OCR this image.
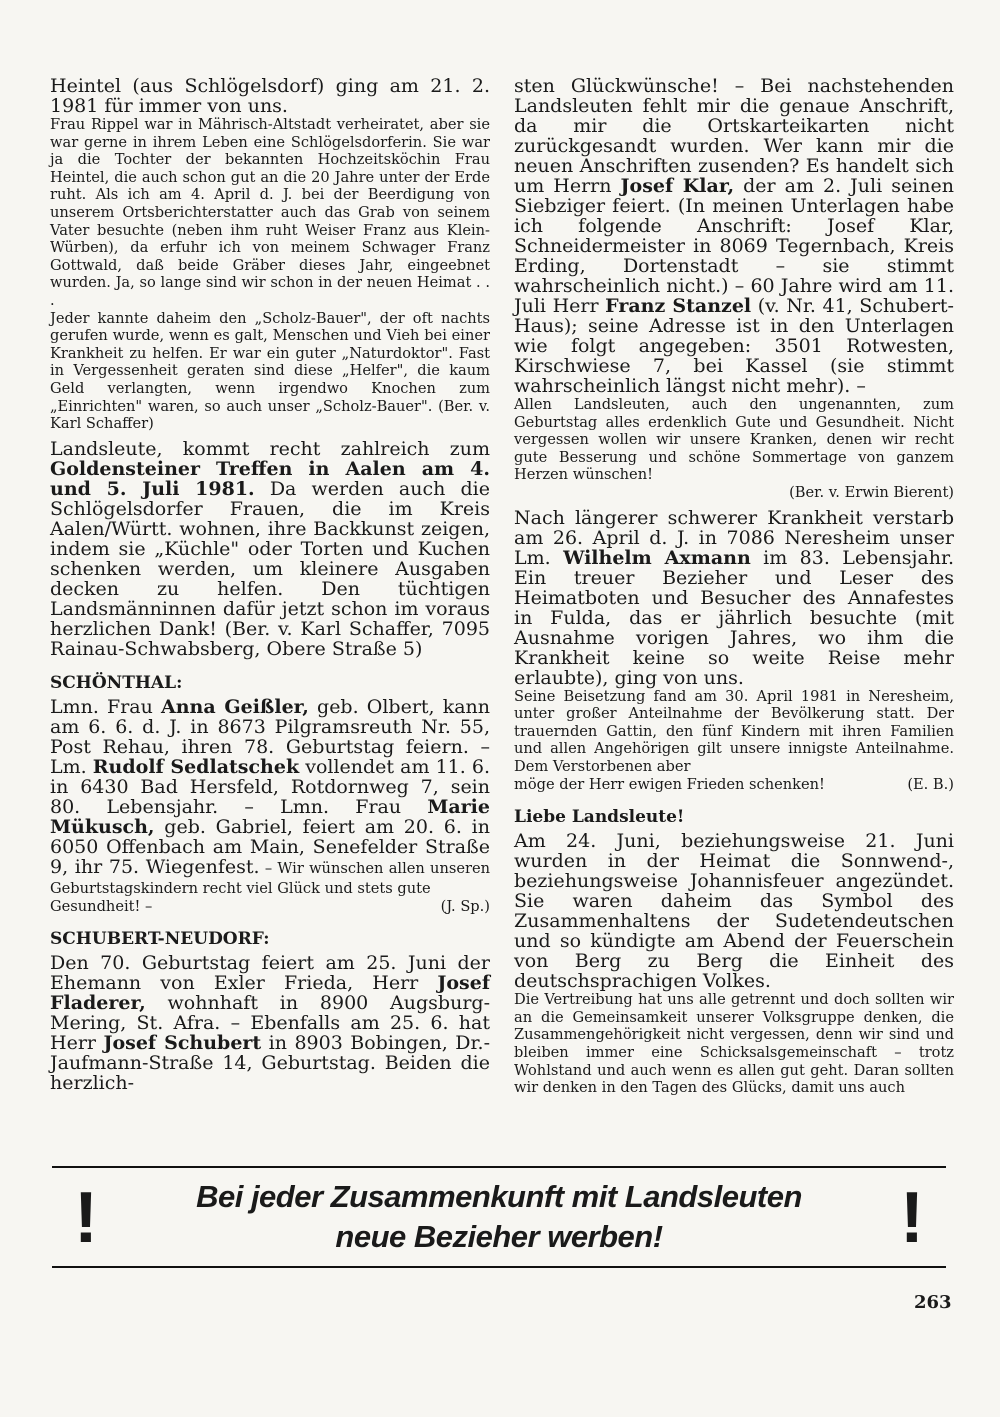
Heintel (aus Schlögelsdorf) ging am 21. 2. 1981 für immer von uns.

Frau Rippel war in Mährisch-Altstadt verheiratet, aber sie war gerne in ihrem Leben eine Schlögelsdorferin. Sie war ja die Tochter der bekannten Hochzeitsköchin Frau Heintel, die auch schon gut an die 20 Jahre unter der Erde ruht. Als ich am 4. April d. J. bei der Beerdigung von unserem Ortsberichterstatter auch das Grab von seinem Vater besuchte (neben ihm ruht Weiser Franz aus Klein-Würben), da erfuhr ich von meinem Schwager Franz Gottwald, daß beide Gräber dieses Jahr, eingeebnet wurden. Ja, so lange sind wir schon in der neuen Heimat . . .

Jeder kannte daheim den „Scholz-Bauer", der oft nachts gerufen wurde, wenn es galt, Menschen und Vieh bei einer Krankheit zu helfen. Er war ein guter „Naturdoktor". Fast in Vergessenheit geraten sind diese „Helfer", die kaum Geld verlangten, wenn irgendwo Knochen zum „Einrichten" waren, so auch unser „Scholz-Bauer". (Ber. v. Karl Schaffer)

Landsleute, kommt recht zahlreich zum Goldensteiner Treffen in Aalen am 4. und 5. Juli 1981. Da werden auch die Schlögelsdorfer Frauen, die im Kreis Aalen/Württ. wohnen, ihre Backkunst zeigen, indem sie „Küchle" oder Torten und Kuchen schenken werden, um kleinere Ausgaben decken zu helfen. Den tüchtigen Landsmänninnen dafür jetzt schon im voraus herzlichen Dank! (Ber. v. Karl Schaffer, 7095 Rainau-Schwabsberg, Obere Straße 5)

SCHÖNTHAL:

Lmn. Frau Anna Geißler, geb. Olbert, kann am 6. 6. d. J. in 8673 Pilgramsreuth Nr. 55, Post Rehau, ihren 78. Geburtstag feiern. – Lm. Rudolf Sedlatschek vollendet am 11. 6. in 6430 Bad Hersfeld, Rotdornweg 7, sein 80. Lebensjahr. – Lmn. Frau Marie Mükusch, geb. Gabriel, feiert am 20. 6. in 6050 Offenbach am Main, Senefelder Straße 9, ihr 75. Wiegenfest. – Wir wünschen allen unseren Geburtstagskindern recht viel Glück und stets gute

Gesundheit! –	(J. Sp.)

SCHUBERT-NEUDORF:

Den 70. Geburtstag feiert am 25. Juni der Ehemann von Exler Frieda, Herr Josef Fladerer, wohnhaft in 8900 Augsburg-Mering, St. Afra. – Ebenfalls am 25. 6. hat Herr Josef Schubert in 8903 Bobingen, Dr.-Jaufmann-Straße 14, Geburtstag. Beiden die herzlich-

sten Glückwünsche! – Bei nachstehenden Landsleuten fehlt mir die genaue Anschrift, da mir die Ortskarteikarten nicht zurückgesandt wurden. Wer kann mir die neuen Anschriften zusenden? Es handelt sich um Herrn Josef Klar, der am 2. Juli seinen Siebziger feiert. (In meinen Unterlagen habe ich folgende Anschrift: Josef Klar, Schneidermeister in 8069 Tegernbach, Kreis Erding, Dortenstadt – sie stimmt wahrscheinlich nicht.) – 60 Jahre wird am 11. Juli Herr Franz Stanzel (v. Nr. 41, Schubert-Haus); seine Adresse ist in den Unterlagen wie folgt angegeben: 3501 Rotwesten, Kirschwiese 7, bei Kassel (sie stimmt wahrscheinlich längst nicht mehr). –

Allen Landsleuten, auch den ungenannten, zum Geburtstag alles erdenklich Gute und Gesundheit. Nicht vergessen wollen wir unsere Kranken, denen wir recht gute Besserung und schöne Sommertage von ganzem Herzen wünschen!

(Ber. v. Erwin Bierent)

Nach längerer schwerer Krankheit verstarb am 26. April d. J. in 7086 Neresheim unser Lm. Wilhelm Axmann im 83. Lebensjahr. Ein treuer Bezieher und Leser des Heimatboten und Besucher des Annafestes in Fulda, das er jährlich besuchte (mit Ausnahme vorigen Jahres, wo ihm die Krankheit keine so weite Reise mehr erlaubte), ging von uns.

Seine Beisetzung fand am 30. April 1981 in Neresheim, unter großer Anteilnahme der Bevölkerung statt. Der trauernden Gattin, den fünf Kindern mit ihren Familien und allen Angehörigen gilt unsere innigste Anteilnahme. Dem Verstorbenen aber

möge der Herr ewigen Frieden schenken!	(E. B.)

Liebe Landsleute!

Am 24. Juni, beziehungsweise 21. Juni wurden in der Heimat die Sonnwend-, beziehungsweise Johannisfeuer angezündet. Sie waren daheim das Symbol des Zusammenhaltens der Sudetendeutschen und so kündigte am Abend der Feuerschein von Berg zu Berg die Einheit des deutschsprachigen Volkes.

Die Vertreibung hat uns alle getrennt und doch sollten wir an die Gemeinsamkeit unserer Volksgruppe denken, die Zusammengehörigkeit nicht vergessen, denn wir sind und bleiben immer eine Schicksalsgemeinschaft – trotz Wohlstand und auch wenn es allen gut geht. Daran sollten wir denken in den Tagen des Glücks, damit uns auch

!	Bei jeder Zusammenkunft mit Landsleuten
neue Bezieher werben!	!
263
